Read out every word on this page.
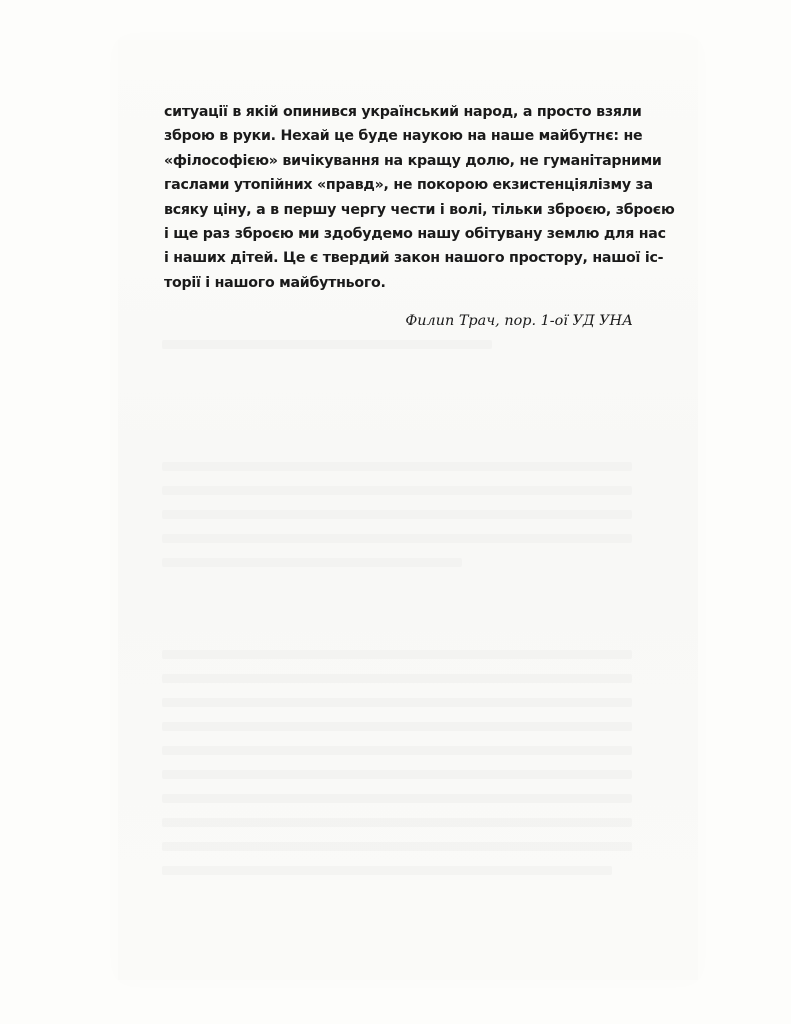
ситуації в якій опинився український народ, а просто взяли
зброю в руки. Нехай це буде наукою на наше майбутнє: не
«філософією» вичікування на кращу долю, не гуманітарними
гаслами утопійних «правд», не покорою екзистенціялізму за
всяку ціну, а в першу чергу чести і волі, тільки зброєю, зброєю
і ще раз зброєю ми здобудемо нашу обітувану землю для нас
і наших дітей. Це є твердий закон нашого простору, нашої іс-
торії і нашого майбутнього.

Филип Трач, пор. 1-ої УД УНА
